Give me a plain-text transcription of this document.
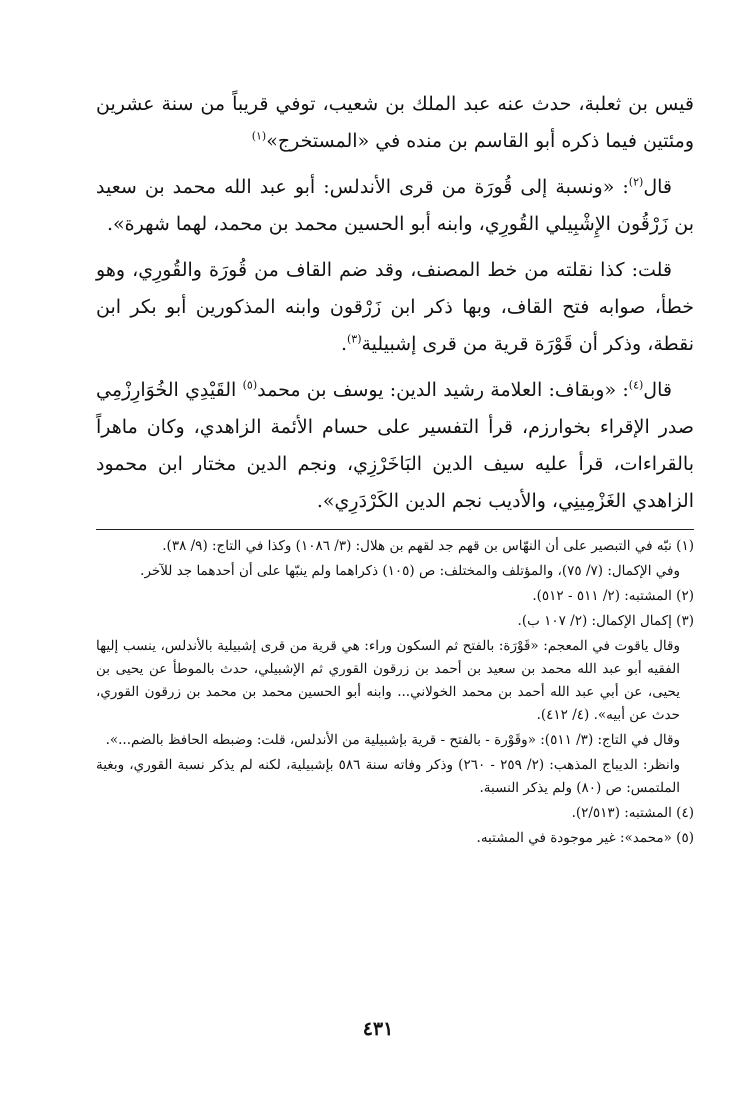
قيس بن ثعلبة، حدث عنه عبد الملك بن شعيب، توفي قريباً من سنة عشرين ومئتين فيما ذكره أبو القاسم بن منده في «المستخرج»$^{(١)}$

قال$^{(٢)}$: «ونسبة إلى قُورَة من قرى الأندلس: أبو عبد الله محمد بن سعيد بن زَرْقُون الإِشْبِيلي القُورِي، وابنه أبو الحسين محمد بن محمد، لهما شهرة».

قلت: كذا نقلته من خط المصنف، وقد ضم القاف من قُورَة والقُورِي، وهو خطأ، صوابه فتح القاف، وبها ذكر ابن زَرْقون وابنه المذكورين أبو بكر ابن نقطة، وذكر أن قَوْرَة قرية من قرى إشبيلية$^{(٣)}$.

قال$^{(٤)}$: «وبقاف: العلامة رشيد الدين: يوسف بن محمد$^{(٥)}$ القَيْدِي الخُوَارِزْمِي صدر الإقراء بخوارزم، قرأ التفسير على حسام الأئمة الزاهدي، وكان ماهراً بالقراءات، قرأ عليه سيف الدين البَاخَرْزِي، ونجم الدين مختار ابن محمود الزاهدي الغَزْمِينِي، والأديب نجم الدين الكَرْدَرِي».

(١) نبّه في التبصير على أن النهّاس بن قهم جد لقهم بن هلال: (٣/ ١٠٨٦) وكذا في التاج: (٩/ ٣٨).
وفي الإكمال: (٧/ ٧٥)، والمؤتلف والمختلف: ص (١٠٥) ذكراهما ولم ينبّها على أن أحدهما جد للآخر.
(٢) المشتبه: (٢/ ٥١١ - ٥١٢).
(٣) إكمال الإكمال: (٢/ ١٠٧ ب).
وقال ياقوت في المعجم: «قَوْرَة: بالفتح ثم السكون وراء: هي قرية من قرى إشبيلية بالأندلس، ينسب إليها الفقيه أبو عبد الله محمد بن سعيد بن أحمد بن زرقون القوري ثم الإشبيلي، حدث بالموطأ عن يحيى بن يحيى، عن أبي عبد الله أحمد بن محمد الخولاني... وابنه أبو الحسين محمد بن محمد بن زرقون القوري، حدث عن أبيه». (٤/ ٤١٢).
وقال في التاج: (٣/ ٥١١): «وقَوْرة - بالفتح - قرية بإشبيلية من الأندلس، قلت: وضبطه الحافظ بالضم...».
وانظر: الديباج المذهب: (٢/ ٢٥٩ - ٢٦٠) وذكر وفاته سنة ٥٨٦ بإشبيلية، لكنه لم يذكر نسبة القوري، وبغية الملتمس: ص (٨٠) ولم يذكر النسبة.
(٤) المشتبه: (٢/٥١٣).
(٥) «محمد»: غير موجودة في المشتبه.
٤٣١
